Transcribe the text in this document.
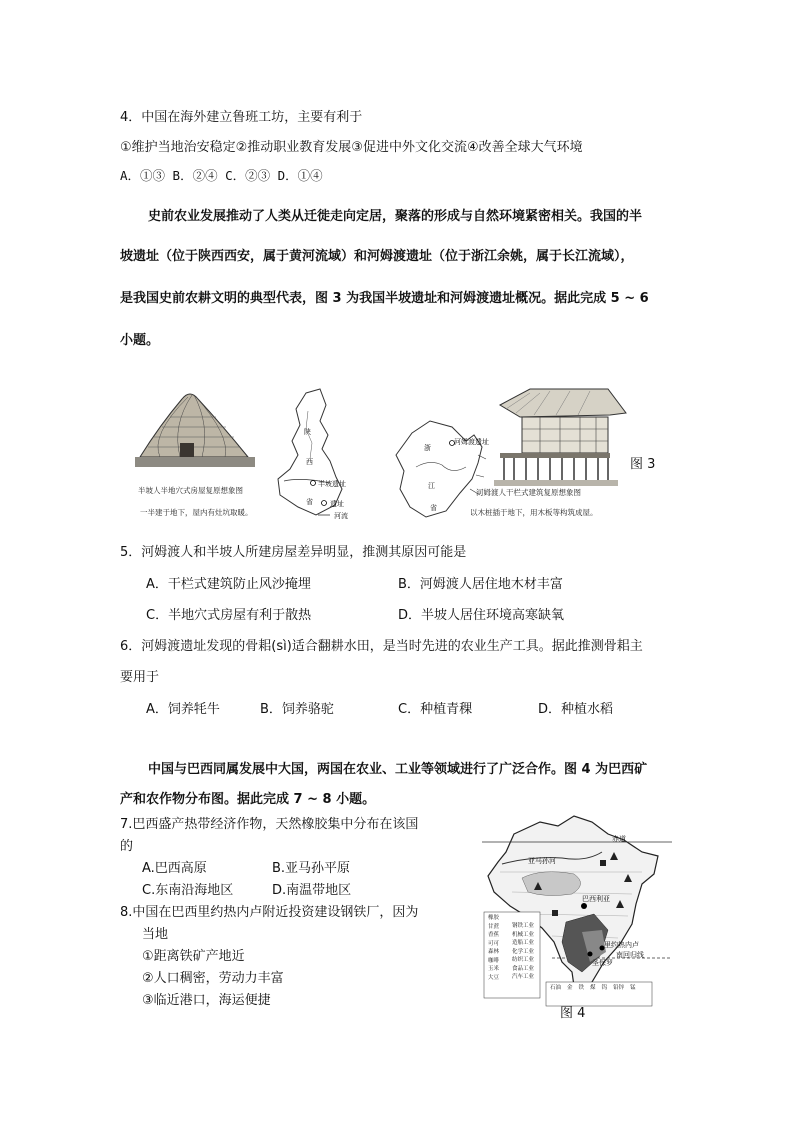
4．中国在海外建立鲁班工坊，主要有利于
①维护当地治安稳定②推动职业教育发展③促进中外文化交流④改善全球大气环境
A．①③ B．②④ C．②③ D．①④
史前农业发展推动了人类从迁徙走向定居，聚落的形成与自然环境紧密相关。我国的半
坡遗址（位于陕西西安，属于黄河流域）和河姆渡遗址（位于浙江余姚，属于长江流域），
是我国史前农耕文明的典型代表，图 3 为我国半坡遗址和河姆渡遗址概况。据此完成 5 ~ 6
小题。
半坡人半地穴式房屋复原想象图
一半建于地下，屋内有灶坑取暖。
陕
西
省
半坡遗址
遗址
河流
浙
江
省
河姆渡遗址
河姆渡人干栏式建筑复原想象图
以木桩插于地下，用木板等构筑成屋。
图 3
5．河姆渡人和半坡人所建房屋差异明显，推测其原因可能是
A．干栏式建筑防止风沙掩埋	B．河姆渡人居住地木材丰富
C．半地穴式房屋有利于散热	D．半坡人居住环境高寒缺氧
6．河姆渡遗址发现的骨耜(sì)适合翻耕水田，是当时先进的农业生产工具。据此推测骨耜主
要用于
A．饲养牦牛	B．饲养骆驼	C．种植青稞	D．种植水稻
中国与巴西同属发展中大国，两国在农业、工业等领域进行了广泛合作。图 4 为巴西矿
产和农作物分布图。据此完成 7 ~ 8 小题。
7.巴西盛产热带经济作物，天然橡胶集中分布在该国
的
A.巴西高原	B.亚马孙平原
C.东南沿海地区	D.南温带地区
8.中国在巴西里约热内卢附近投资建设钢铁厂，因为
当地
①距离铁矿产地近
②人口稠密，劳动力丰富
③临近港口，海运便捷
赤道
南回归线
巴西利亚
里约热内卢
圣保罗
亚马孙河
橡胶
甘蔗
香蕉
可可
森林
咖啡
玉米
大豆
钢铁工业
机械工业
造船工业
化学工业
纺织工业
食品工业
汽车工业
石油 金 铁 煤 钨 铅锌 锰
图 4
